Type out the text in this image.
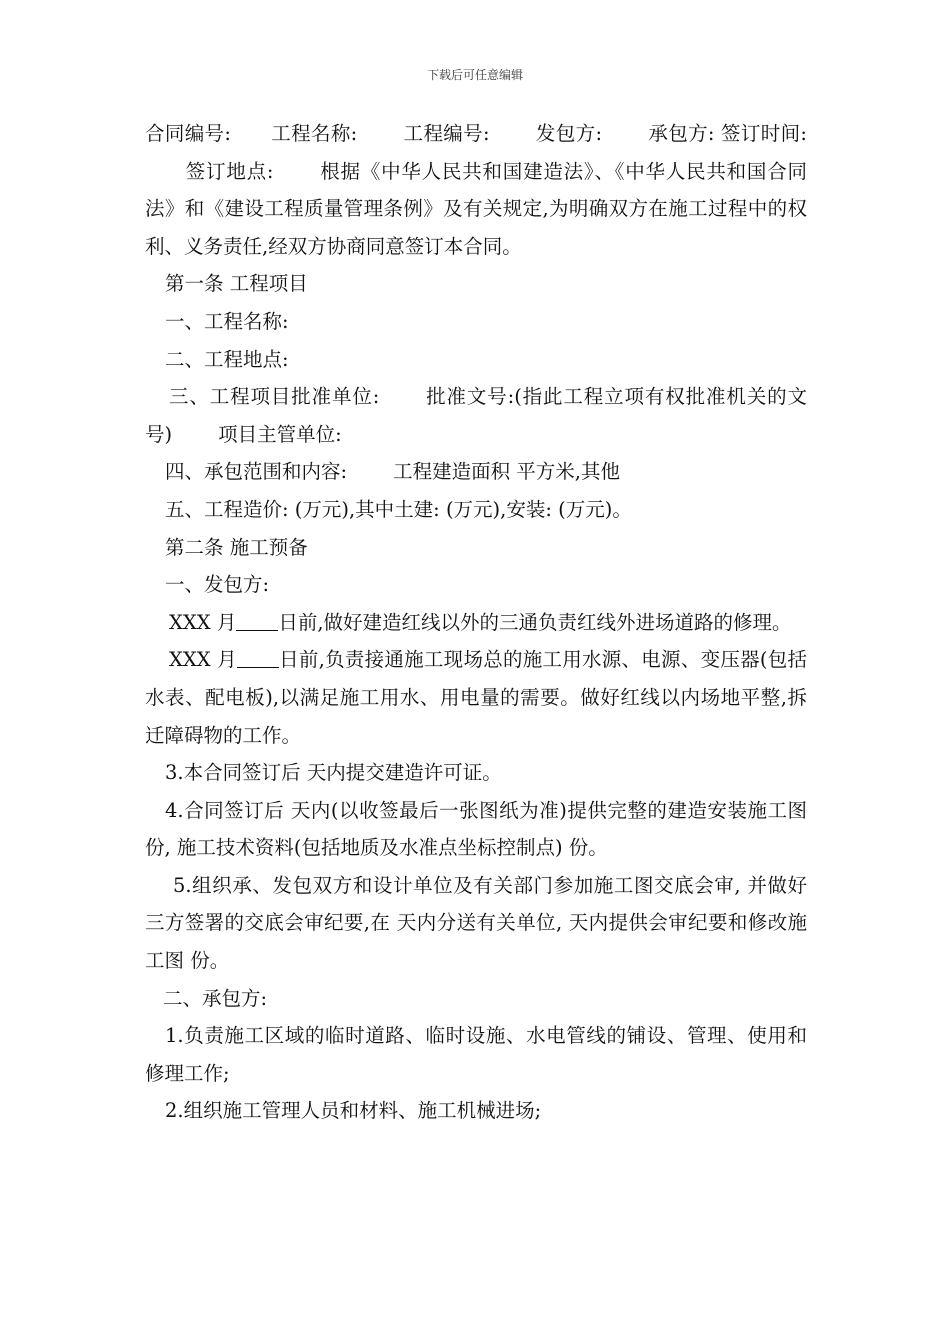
下载后可任意编辑

合同编号: 工程名称: 工程编号: 发包方: 承包方: 签订时间:签订地点: 根据《中华人民共和国建造法》、《中华人民共和国合同法》和《建设工程质量管理条例》及有关规定,为明确双方在施工过程中的权利、义务责任,经双方协商同意签订本合同。

第一条 工程项目

一、工程名称:

二、工程地点:

三、工程项目批准单位: 批准文号:(指此工程立项有权批准机关的文号) 项目主管单位:

四、承包范围和内容: 工程建造面积 平方米,其他

五、工程造价: (万元),其中土建: (万元),安装: (万元)。

第二条 施工预备

一、发包方:

XXX 月 日前,做好建造红线以外的三通负责红线外进场道路的修理。

XXX 月 日前,负责接通施工现场总的施工用水源、电源、变压器(包括水表、配电板),以满足施工用水、用电量的需要。做好红线以内场地平整,拆迁障碍物的工作。

3.本合同签订后 天内提交建造许可证。

4.合同签订后 天内(以收签最后一张图纸为准)提供完整的建造安装施工图 份, 施工技术资料(包括地质及水准点坐标控制点) 份。

5.组织承、发包双方和设计单位及有关部门参加施工图交底会审, 并做好三方签署的交底会审纪要,在 天内分送有关单位, 天内提供会审纪要和修改施工图 份。

二、承包方:

1.负责施工区域的临时道路、临时设施、水电管线的铺设、管理、使用和修理工作;

2.组织施工管理人员和材料、施工机械进场;
